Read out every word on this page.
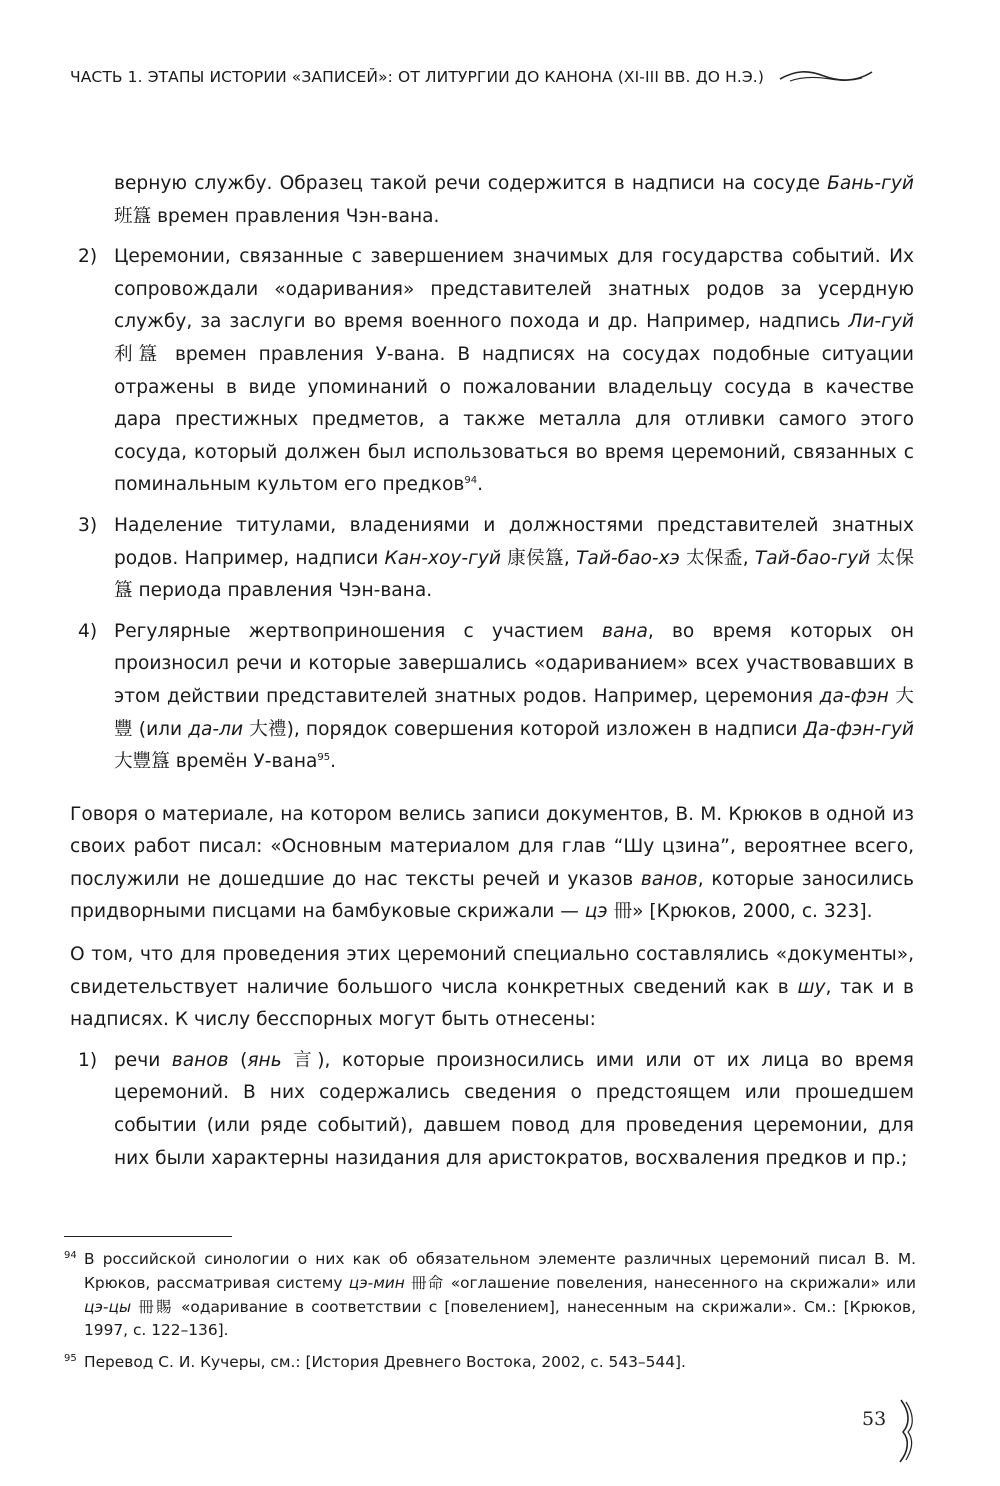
ЧАСТЬ 1. ЭТАПЫ ИСТОРИИ «ЗАПИСЕЙ»: ОТ ЛИТУРГИИ ДО КАНОНА (XI-III ВВ. ДО Н.Э.)

верную службу. Образец такой речи содержится в надписи на сосуде Бань-гуй 班簋 времен правления Чэн-вана.

2) Церемонии, связанные с завершением значимых для государства событий. Их сопровождали «одаривания» представителей знатных родов за усердную службу, за заслуги во время военного похода и др. Например, надпись Ли-гуй 利簋 времен правления У-вана. В надписях на сосудах подобные ситуации отражены в виде упоминаний о пожаловании владельцу сосуда в качестве дара престижных предметов, а также металла для отливки самого этого сосуда, который должен был использоваться во время церемоний, связанных с поминальным культом его предков$^{94}$.
3) Наделение титулами, владениями и должностями представителей знатных родов. Например, надписи Кан-хоу-гуй 康侯簋, Тай-бао-хэ 太保盉, Тай-бао-гуй 太保簋 периода правления Чэн-вана.
4) Регулярные жертвоприношения с участием вана, во время которых он произносил речи и которые завершались «одариванием» всех участвовавших в этом действии представителей знатных родов. Например, церемония да-фэн 大豐 (или да-ли 大禮), порядок совершения которой изложен в надписи Да-фэн-гуй 大豐簋 времён У-вана$^{95}$.

Говоря о материале, на котором велись записи документов, В. М. Крюков в одной из своих работ писал: «Основным материалом для глав “Шу цзина”, вероятнее всего, послужили не дошедшие до нас тексты речей и указов ванов, которые заносились придворными писцами на бамбуковые скрижали — цэ 冊» [Крюков, 2000, с. 323].

О том, что для проведения этих церемоний специально составлялись «документы», свидетельствует наличие большого числа конкретных сведений как в шу, так и в надписях. К числу бесспорных могут быть отнесены:

1) речи ванов (янь 言), которые произносились ими или от их лица во время церемоний. В них содержались сведения о предстоящем или прошедшем событии (или ряде событий), давшем повод для проведения церемонии, для них были характерны назидания для аристократов, восхваления предков и пр.;

94 В российской синологии о них как об обязательном элементе различных церемоний писал В. М. Крюков, рассматривая систему цэ-мин 冊命 «оглашение повеления, нанесенного на скрижали» или цэ-цы 冊賜 «одаривание в соответствии с [повелением], нанесенным на скрижали». См.: [Крюков, 1997, с. 122–136].

95 Перевод С. И. Кучеры, см.: [История Древнего Востока, 2002, с. 543–544].

53
